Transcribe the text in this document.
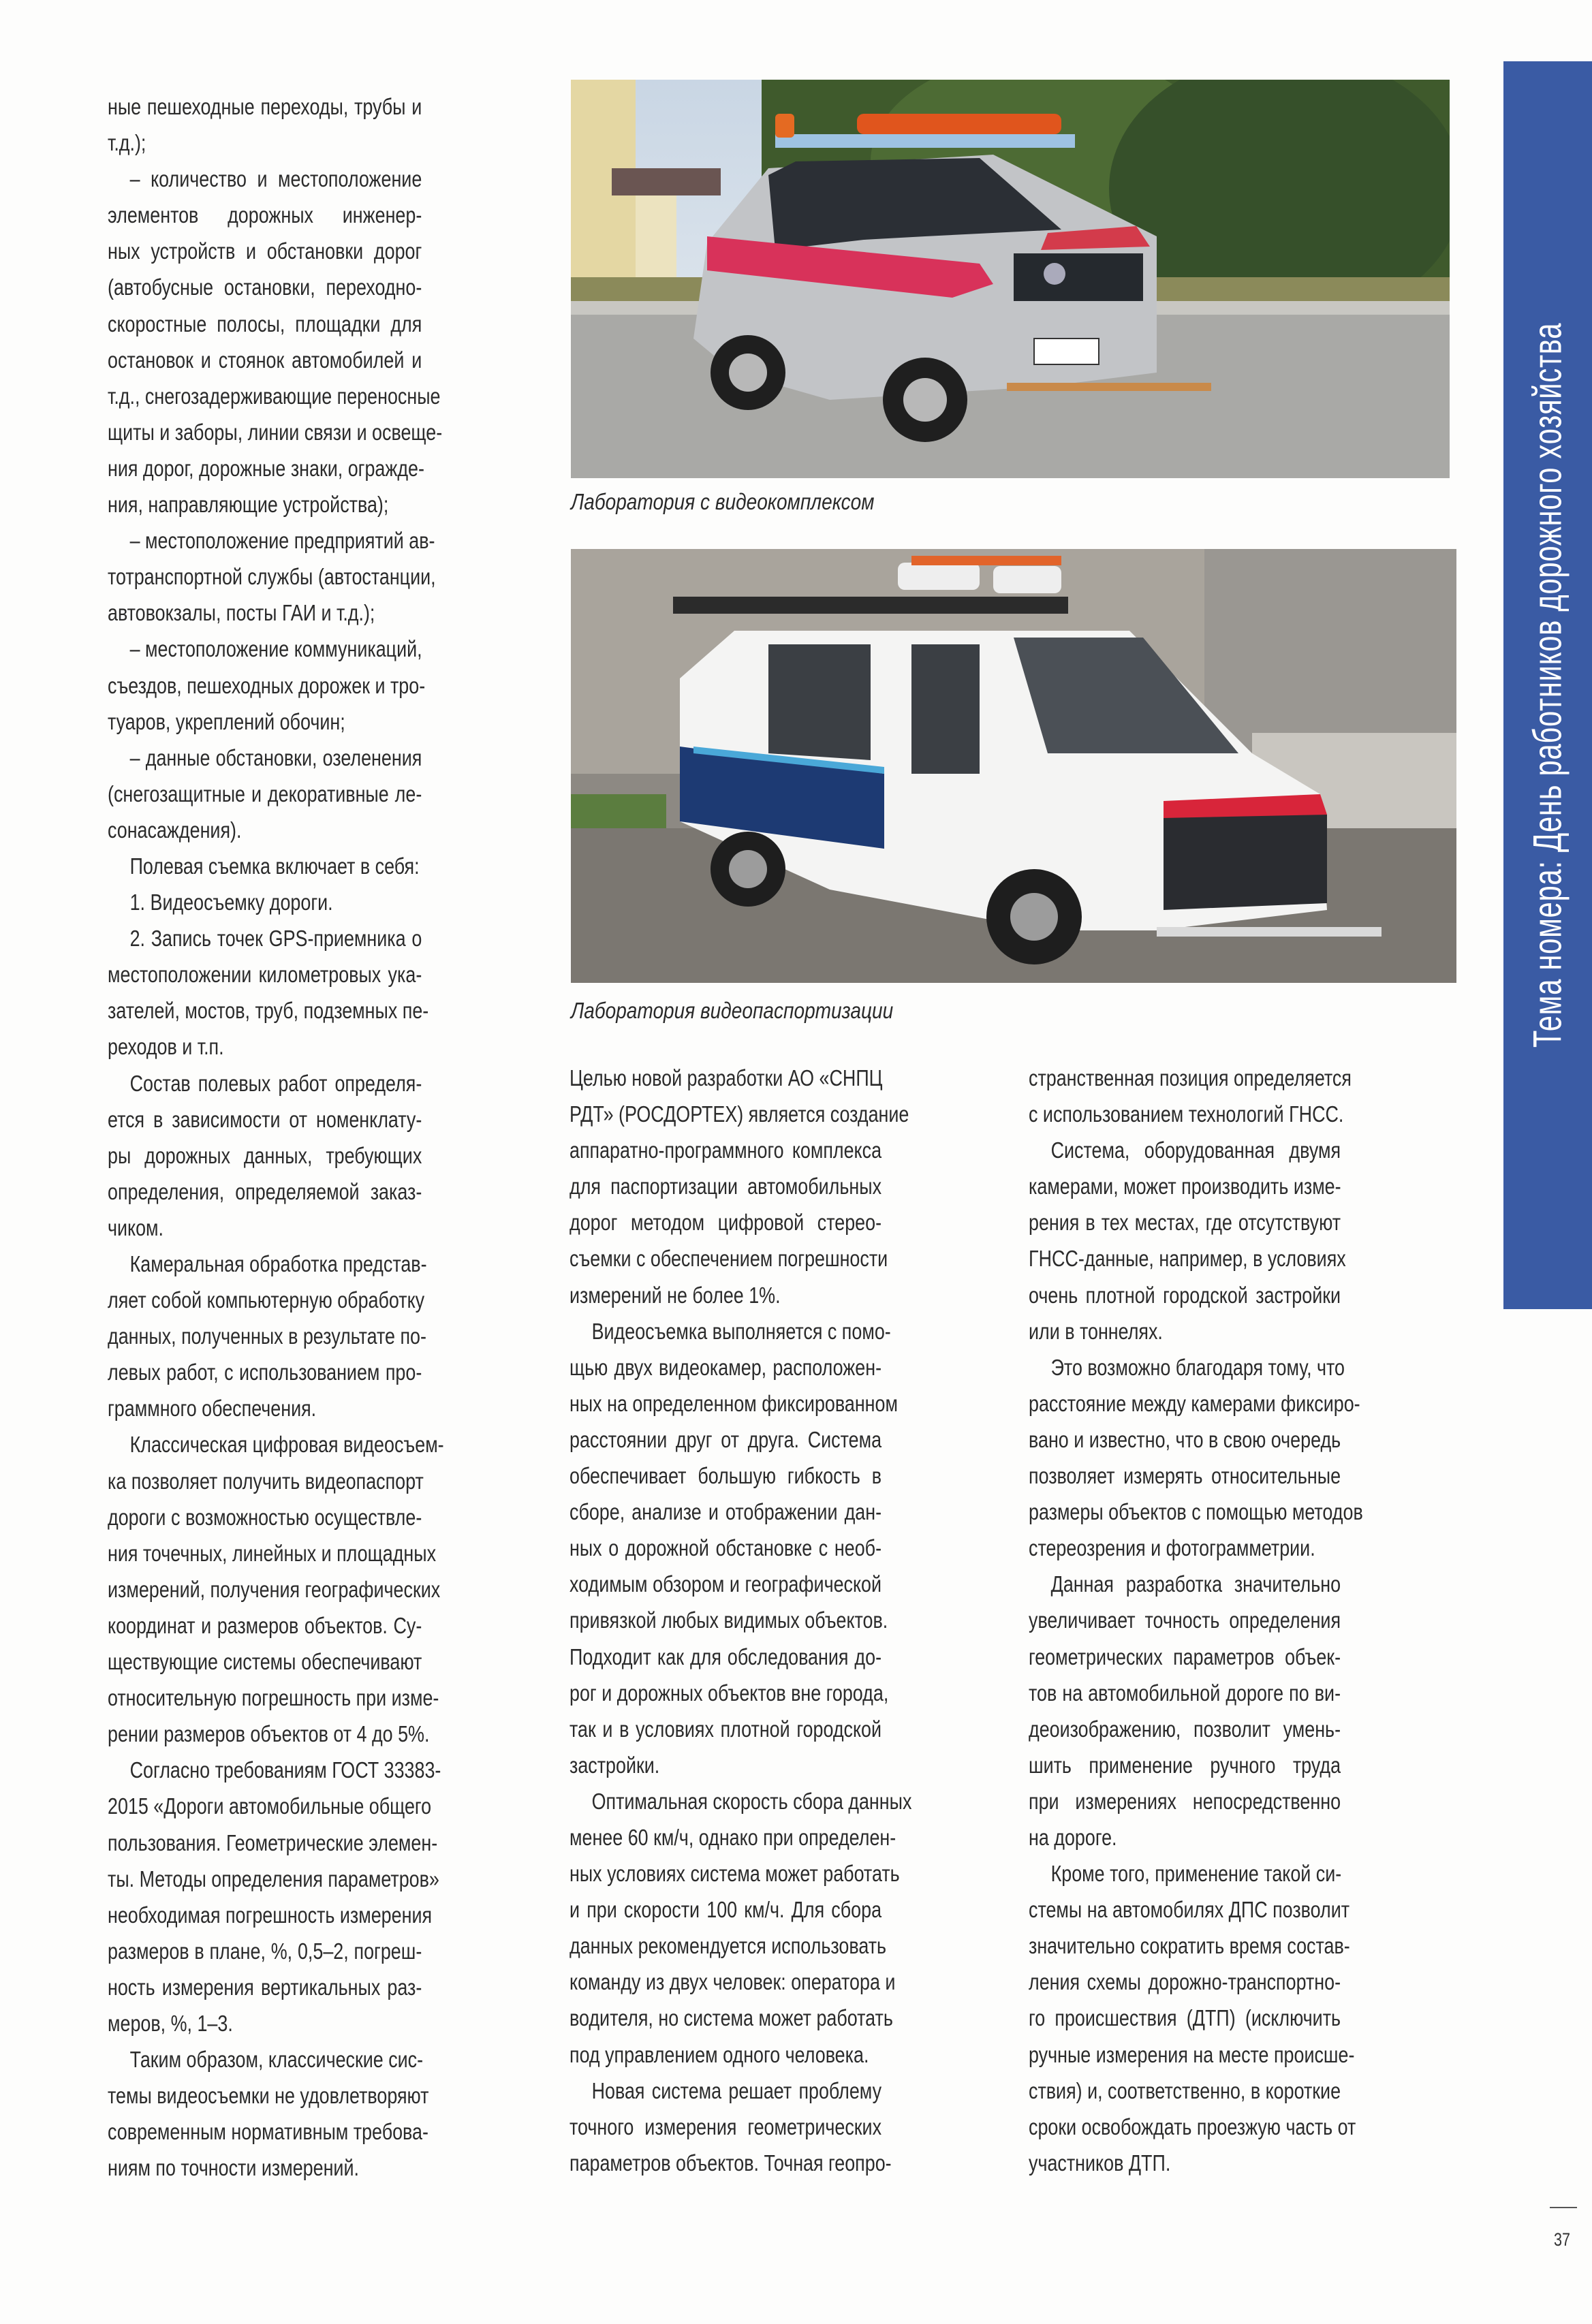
Тема номера: День работников дорожного хозяйства
Лаборатория с видеокомплексом
Лаборатория видеопаспортизации
ные пешеходные переходы, трубы и
т.д.);
– количество и местоположение
элементов дорожных инженер-
ных устройств и обстановки дорог
(автобусные остановки, переходно-
скоростные полосы, площадки для
остановок и стоянок автомобилей и
т.д., снегозадерживающие переносные
щиты и заборы, линии связи и освеще-
ния дорог, дорожные знаки, огражде-
ния, направляющие устройства);
– местоположение предприятий ав-
тотранспортной службы (автостанции,
автовокзалы, посты ГАИ и т.д.);
– местоположение коммуникаций,
съездов, пешеходных дорожек и тро-
туаров, укреплений обочин;
– данные обстановки, озеленения
(снегозащитные и декоративные ле-
сонасаждения).
Полевая съемка включает в себя:
1. Видеосъемку дороги.
2. Запись точек GPS-приемника о
местоположении километровых ука-
зателей, мостов, труб, подземных пе-
реходов и т.п.
Состав полевых работ определя-
ется в зависимости от номенклату-
ры дорожных данных, требующих
определения, определяемой заказ-
чиком.
Камеральная обработка представ-
ляет собой компьютерную обработку
данных, полученных в результате по-
левых работ, с использованием про-
граммного обеспечения.
Классическая цифровая видеосъем-
ка позволяет получить видеопаспорт
дороги с возможностью осуществле-
ния точечных, линейных и площадных
измерений, получения географических
координат и размеров объектов. Су-
ществующие системы обеспечивают
относительную погрешность при изме-
рении размеров объектов от 4 до 5%.
Согласно требованиям ГОСТ 33383-
2015 «Дороги автомобильные общего
пользования. Геометрические элемен-
ты. Методы определения параметров»
необходимая погрешность измерения
размеров в плане, %, 0,5–2, погреш-
ность измерения вертикальных раз-
меров, %, 1–3.
Таким образом, классические сис-
темы видеосъемки не удовлетворяют
современным нормативным требова-
ниям по точности измерений.
Целью новой разработки АО «СНПЦ
РДТ» (РОСДОРТЕХ) является создание
аппаратно-программного комплекса
для паспортизации автомобильных
дорог методом цифровой стерео-
съемки с обеспечением погрешности
измерений не более 1%.
Видеосъемка выполняется с помо-
щью двух видеокамер, расположен-
ных на определенном фиксированном
расстоянии друг от друга. Система
обеспечивает большую гибкость в
сборе, анализе и отображении дан-
ных о дорожной обстановке с необ-
ходимым обзором и географической
привязкой любых видимых объектов.
Подходит как для обследования до-
рог и дорожных объектов вне города,
так и в условиях плотной городской
застройки.
Оптимальная скорость сбора данных
менее 60 км/ч, однако при определен-
ных условиях система может работать
и при скорости 100 км/ч. Для сбора
данных рекомендуется использовать
команду из двух человек: оператора и
водителя, но система может работать
под управлением одного человека.
Новая система решает проблему
точного измерения геометрических
параметров объектов. Точная геопро-
странственная позиция определяется
с использованием технологий ГНСС.
Система, оборудованная двумя
камерами, может производить изме-
рения в тех местах, где отсутствуют
ГНСС-данные, например, в условиях
очень плотной городской застройки
или в тоннелях.
Это возможно благодаря тому, что
расстояние между камерами фиксиро-
вано и известно, что в свою очередь
позволяет измерять относительные
размеры объектов с помощью методов
стереозрения и фотограмметрии.
Данная разработка значительно
увеличивает точность определения
геометрических параметров объек-
тов на автомобильной дороге по ви-
деоизображению, позволит умень-
шить применение ручного труда
при измерениях непосредственно
на дороге.
Кроме того, применение такой си-
стемы на автомобилях ДПС позволит
значительно сократить время состав-
ления схемы дорожно-транспортно-
го происшествия (ДТП) (исключить
ручные измерения на месте происше-
ствия) и, соответственно, в короткие
сроки освобождать проезжую часть от
участников ДТП.
37
